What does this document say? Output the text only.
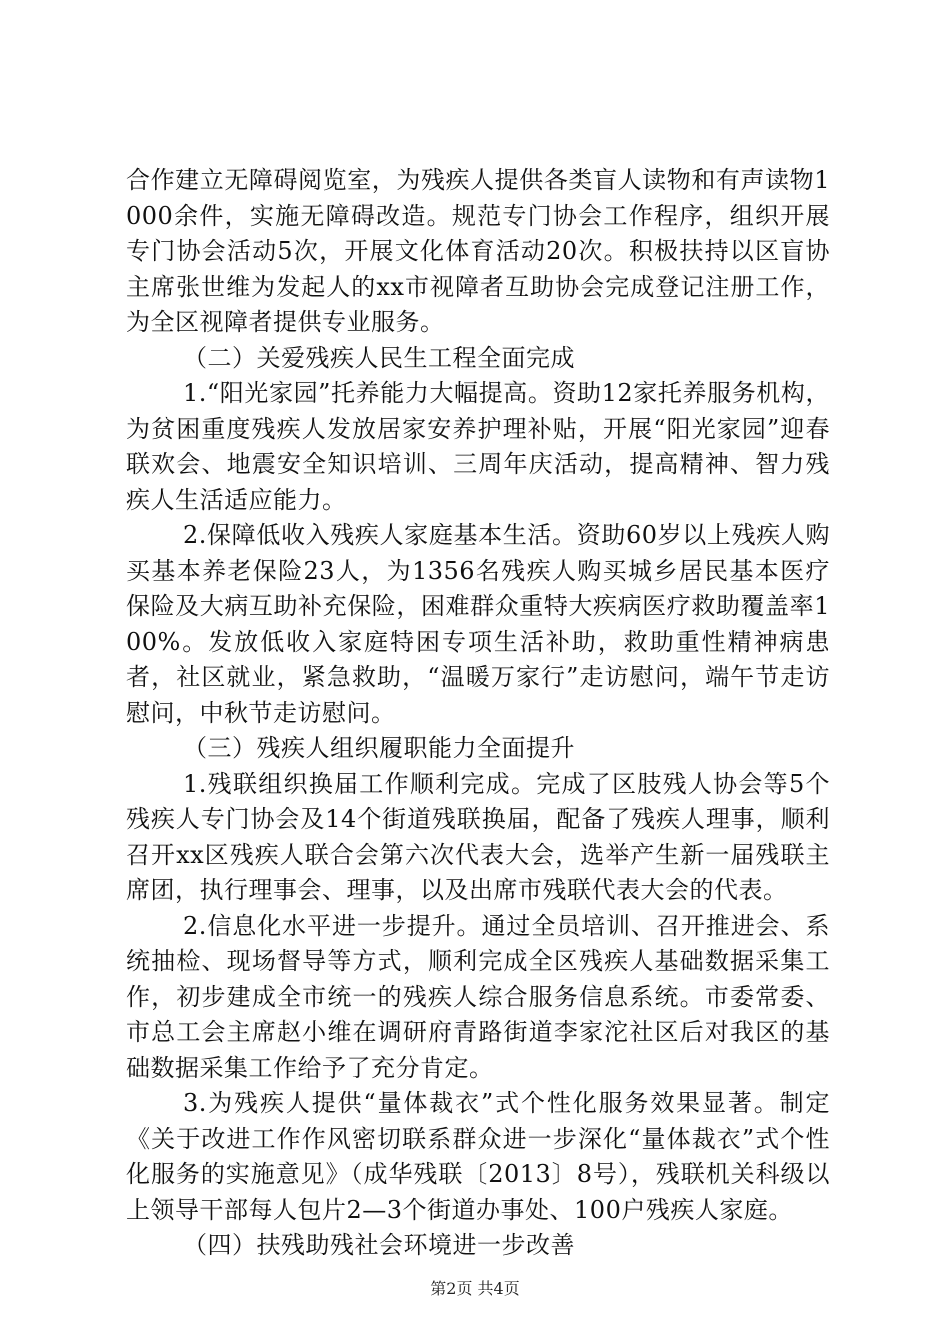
合作建立无障碍阅览室，为残疾人提供各类盲人读物和有声读物1000余件，实施无障碍改造。规范专门协会工作程序，组织开展专门协会活动5次，开展文化体育活动20次。积极扶持以区盲协主席张世维为发起人的xx市视障者互助协会完成登记注册工作，为全区视障者提供专业服务。

（二）关爱残疾人民生工程全面完成

1.“阳光家园”托养能力大幅提高。资助12家托养服务机构，为贫困重度残疾人发放居家安养护理补贴，开展“阳光家园”迎春联欢会、地震安全知识培训、三周年庆活动，提高精神、智力残疾人生活适应能力。

2.保障低收入残疾人家庭基本生活。资助60岁以上残疾人购买基本养老保险23人，为1356名残疾人购买城乡居民基本医疗保险及大病互助补充保险，困难群众重特大疾病医疗救助覆盖率100%。发放低收入家庭特困专项生活补助，救助重性精神病患者，社区就业，紧急救助，“温暖万家行”走访慰问，端午节走访慰问，中秋节走访慰问。

（三）残疾人组织履职能力全面提升

1.残联组织换届工作顺利完成。完成了区肢残人协会等5个残疾人专门协会及14个街道残联换届，配备了残疾人理事，顺利召开xx区残疾人联合会第六次代表大会，选举产生新一届残联主席团，执行理事会、理事，以及出席市残联代表大会的代表。

2.信息化水平进一步提升。通过全员培训、召开推进会、系统抽检、现场督导等方式，顺利完成全区残疾人基础数据采集工作，初步建成全市统一的残疾人综合服务信息系统。市委常委、市总工会主席赵小维在调研府青路街道李家沱社区后对我区的基础数据采集工作给予了充分肯定。

3.为残疾人提供“量体裁衣”式个性化服务效果显著。制定《关于改进工作作风密切联系群众进一步深化“量体裁衣”式个性化服务的实施意见》（成华残联〔2013〕8号），残联机关科级以上领导干部每人包片2—3个街道办事处、100户残疾人家庭。

（四）扶残助残社会环境进一步改善

第2页 共4页
